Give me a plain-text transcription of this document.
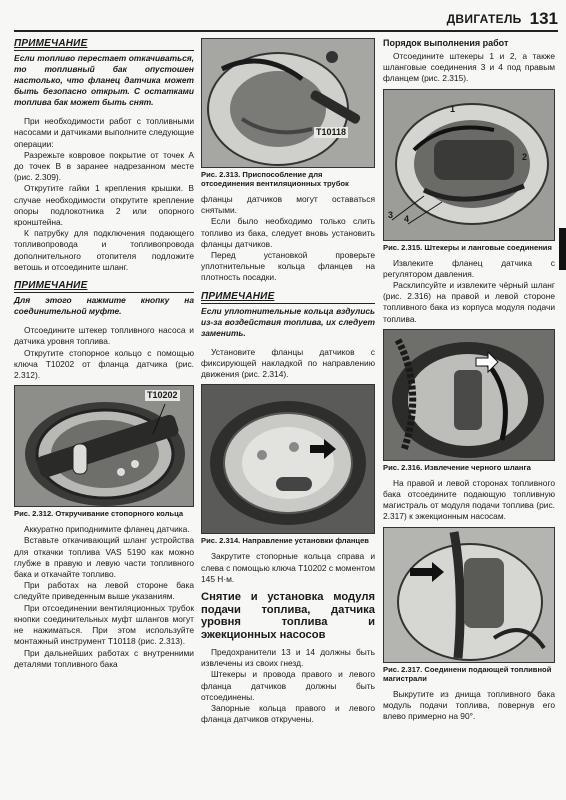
ДВИГАТЕЛЬ 131
ПРИМЕЧАНИЕ
Если топливо перестает откачиваться, то топливный бак опустошен настолько, что фланец датчика может быть безопасно открыт. С остатками топлива бак может быть снят.

При необходимости работ с топливными насосами и датчиками выполните следующие операции:

Разрежьте ковровое покрытие от точек А до точек В в заранее надрезанном месте (рис. 2.309).

Открутите гайки 1 крепления крышки. В случае необходимости открутите крепление опоры подлокотника 2 или опорного кронштейна.

К патрубку для подключения подающего топливопровода и топливопровода дополнительного отопителя подложите ветошь и отсоедините шланг.

ПРИМЕЧАНИЕ
Для этого нажмите кнопку на соединительной муфте.

Отсоедините штекер топливного насоса и датчика уровня топлива.

Открутите стопорное кольцо с помощью ключа T10202 от фланца датчика (рис. 2.312).

T10202
Рис. 2.312. Откручивание стопорного кольца

Аккуратно приподнимите фланец датчика.

Вставьте откачивающий шланг устройства для откачки топлива VAS 5190 как можно глубже в правую и левую части топливного бака и откачайте топливо.

При работах на левой стороне бака следуйте приведенным выше указаниям.

При отсоединении вентиляционных трубок кнопки соединительных муфт шлангов могут не нажиматься. При этом используйте монтажный инструмент T10118 (рис. 2.313).

При дальнейших работах с внутренними деталями топливного бака

T10118
Рис. 2.313. Приспособление для отсоединения вентиляционных трубок

фланцы датчиков могут оставаться снятыми.

Если было необходимо только слить топливо из бака, следует вновь установить фланцы датчиков.

Перед установкой проверьте уплотнительные кольца фланцев на плотность посадки.

ПРИМЕЧАНИЕ
Если уплотнительные кольца вздулись из-за воздействия топлива, их следует заменить.

Установите фланцы датчиков с фиксирующей накладкой по направлению движения (рис. 2.314).

Рис. 2.314. Направление установки фланцев

Закрутите стопорные кольца справа и слева с помощью ключа T10202 с моментом 145 Н·м.

Снятие и установка модуля подачи топлива, датчика уровня топлива и эжекционных насосов

Предохранители 13 и 14 должны быть извлечены из своих гнезд.

Штекеры и провода правого и левого фланца датчиков должны быть отсоединены.

Запорные кольца правого и левого фланца датчиков откручены.

Порядок выполнения работ

Отсоедините штекеры 1 и 2, а также шланговые соединения 3 и 4 под правым фланцем (рис. 2.315).

1
2
3 4
Рис. 2.315. Штекеры и ланговые соединения

Извлеките фланец датчика с регулятором давления.

Расклипсуйте и извлеките чёрный шланг (рис. 2.316) на правой и левой стороне топливного бака из корпуса модуля подачи топлива.

Рис. 2.316. Извлечение черного шланга

На правой и левой сторонах топливного бака отсоедините подающую топливную магистраль от модуля подачи топлива (рис. 2.317) к эжекционным насосам.

Рис. 2.317. Соединени подающей топливной магистрали

Выкрутите из днища топливного бака модуль подачи топлива, повернув его влево примерно на 90°.
